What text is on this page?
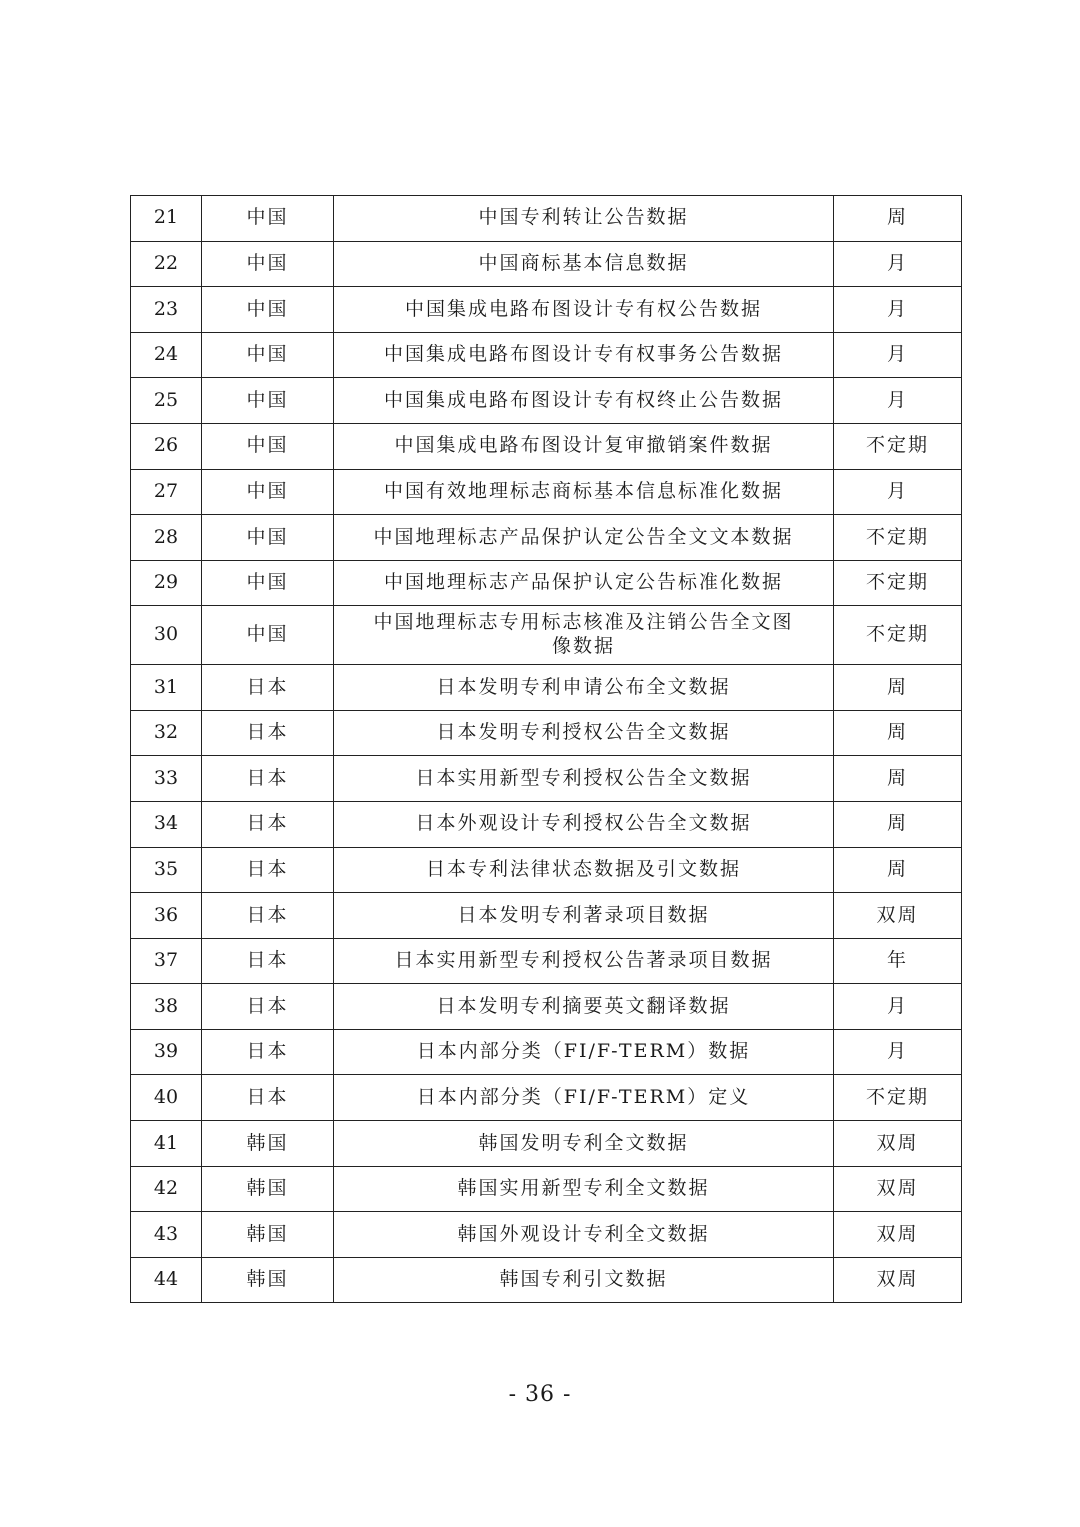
21	中国	中国专利转让公告数据	周
22	中国	中国商标基本信息数据	月
23	中国	中国集成电路布图设计专有权公告数据	月
24	中国	中国集成电路布图设计专有权事务公告数据	月
25	中国	中国集成电路布图设计专有权终止公告数据	月
26	中国	中国集成电路布图设计复审撤销案件数据	不定期
27	中国	中国有效地理标志商标基本信息标准化数据	月
28	中国	中国地理标志产品保护认定公告全文文本数据	不定期
29	中国	中国地理标志产品保护认定公告标准化数据	不定期
30	中国	中国地理标志专用标志核准及注销公告全文图像数据	不定期
31	日本	日本发明专利申请公布全文数据	周
32	日本	日本发明专利授权公告全文数据	周
33	日本	日本实用新型专利授权公告全文数据	周
34	日本	日本外观设计专利授权公告全文数据	周
35	日本	日本专利法律状态数据及引文数据	周
36	日本	日本发明专利著录项目数据	双周
37	日本	日本实用新型专利授权公告著录项目数据	年
38	日本	日本发明专利摘要英文翻译数据	月
39	日本	日本内部分类（FI/F-TERM）数据	月
40	日本	日本内部分类（FI/F-TERM）定义	不定期
41	韩国	韩国发明专利全文数据	双周
42	韩国	韩国实用新型专利全文数据	双周
43	韩国	韩国外观设计专利全文数据	双周
44	韩国	韩国专利引文数据	双周
- 36 -
